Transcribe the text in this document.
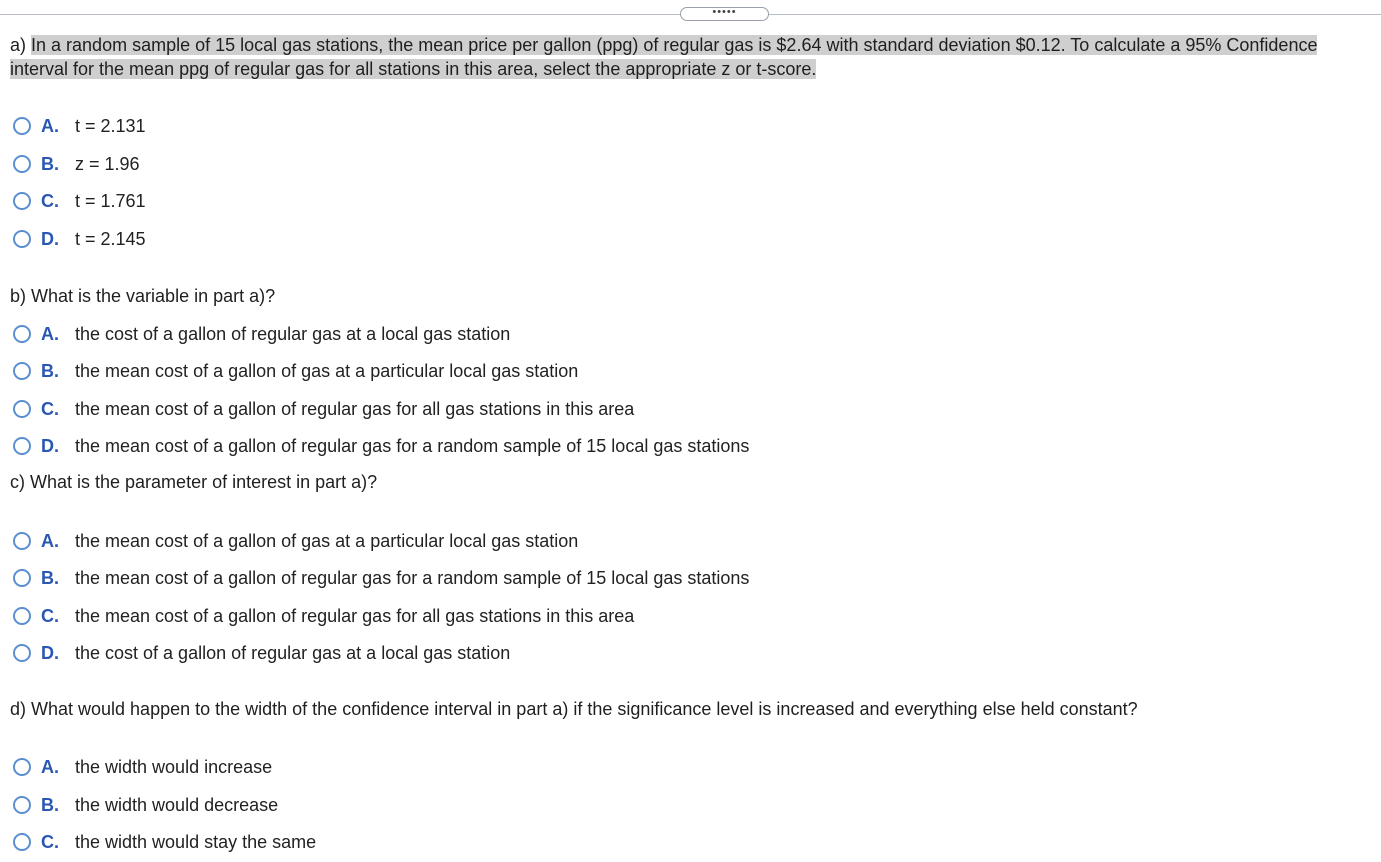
•••••
a) In a random sample of 15 local gas stations, the mean price per gallon (ppg) of regular gas is $2.64 with standard deviation $0.12. To calculate a 95% Confidence interval for the mean ppg of regular gas for all stations in this area, select the appropriate z or t-score.
A. t = 2.131
B. z = 1.96
C. t = 1.761
D. t = 2.145
b) What is the variable in part a)?
A. the cost of a gallon of regular gas at a local gas station
B. the mean cost of a gallon of gas at a particular local gas station
C. the mean cost of a gallon of regular gas for all gas stations in this area
D. the mean cost of a gallon of regular gas for a random sample of 15 local gas stations
c) What is the parameter of interest in part a)?
A. the mean cost of a gallon of gas at a particular local gas station
B. the mean cost of a gallon of regular gas for a random sample of 15 local gas stations
C. the mean cost of a gallon of regular gas for all gas stations in this area
D. the cost of a gallon of regular gas at a local gas station
d) What would happen to the width of the confidence interval in part a) if the significance level is increased and everything else held constant?
A. the width would increase
B. the width would decrease
C. the width would stay the same
